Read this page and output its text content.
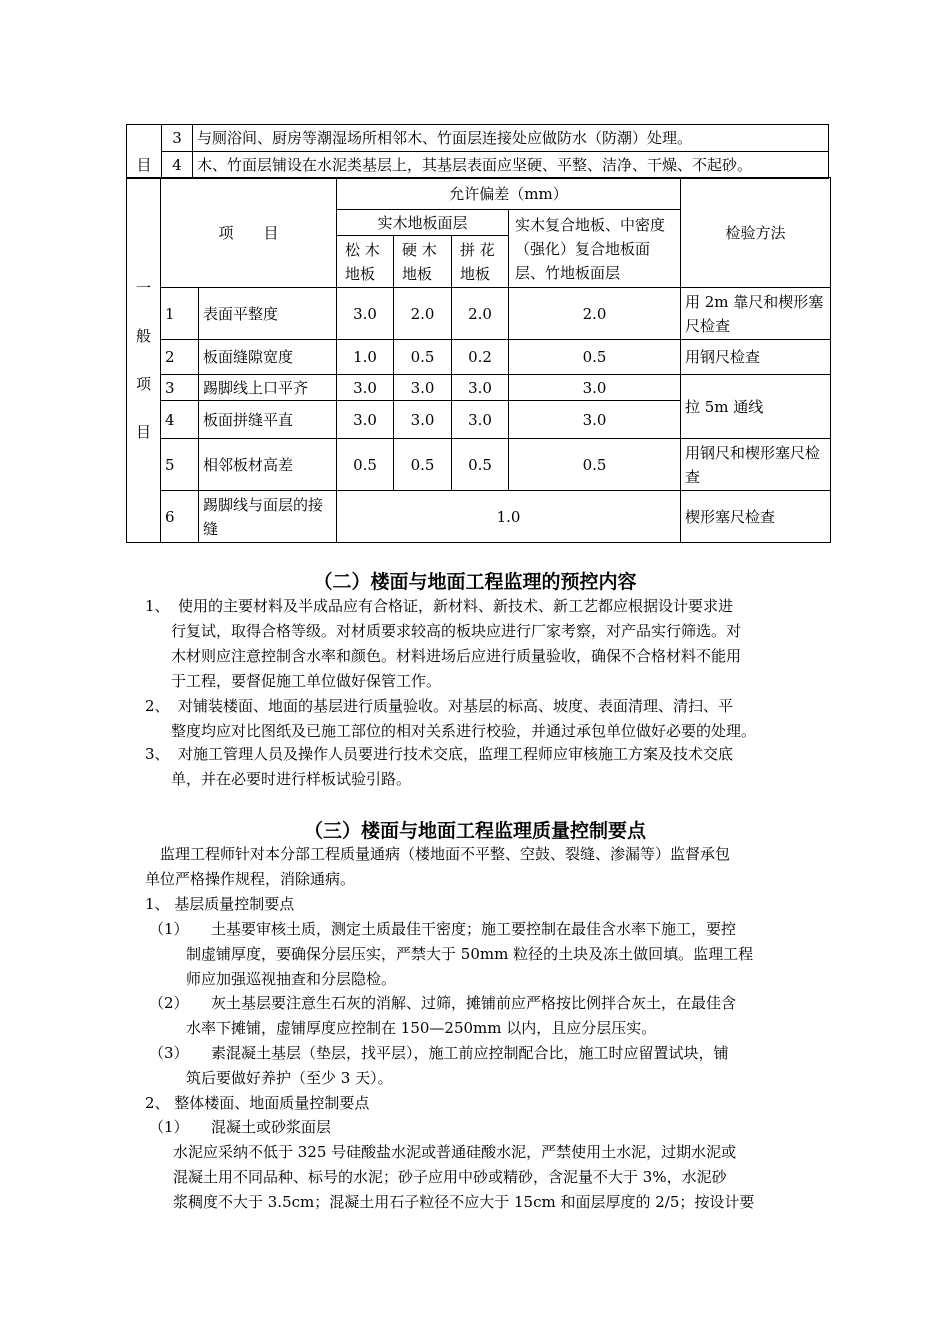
	3	与厕浴间、厨房等潮湿场所相邻木、竹面层连接处应做防水（防潮）处理。
目	4	木、竹面层铺设在水泥类基层上，其基层表面应坚硬、平整、洁净、干燥、不起砂。
一
般
项
目	项　　目		允许偏差（mm）				检验方法
			实木地板面层			实木复合地板、中密度（强化）复合地板面层、竹地板面层	
			松 木 地板	硬 木 地板	拼 花 地板		
	1	表面平整度	3.0	2.0	2.0	2.0	用 2m 靠尺和楔形塞尺检查
	2	板面缝隙宽度	1.0	0.5	0.2	0.5	用钢尺检查
	3	踢脚线上口平齐	3.0	3.0	3.0	3.0	拉 5m 通线
	4	板面拼缝平直	3.0	3.0	3.0	3.0	
	5	相邻板材高差	0.5	0.5	0.5	0.5	用钢尺和楔形塞尺检查
	6	踢脚线与面层的接缝	1.0				楔形塞尺检查
（二）楼面与地面工程监理的预控内容
1、 使用的主要材料及半成品应有合格证，新材料、新技术、新工艺都应根据设计要求进
行复试，取得合格等级。对材质要求较高的板块应进行厂家考察，对产品实行筛选。对
木材则应注意控制含水率和颜色。材料进场后应进行质量验收，确保不合格材料不能用
于工程，要督促施工单位做好保管工作。
2、 对铺装楼面、地面的基层进行质量验收。对基层的标高、坡度、表面清理、清扫、平
整度均应对比图纸及已施工部位的相对关系进行校验，并通过承包单位做好必要的处理。
3、 对施工管理人员及操作人员要进行技术交底，监理工程师应审核施工方案及技术交底
单，并在必要时进行样板试验引路。
（三）楼面与地面工程监理质量控制要点
监理工程师针对本分部工程质量通病（楼地面不平整、空鼓、裂缝、渗漏等）监督承包
单位严格操作规程，消除通病。
1、 基层质量控制要点
（1）	土基要审核土质，测定土质最佳干密度；施工要控制在最佳含水率下施工，要控
制虚铺厚度，要确保分层压实，严禁大于 50mm 粒径的土块及冻土做回填。监理工程
师应加强巡视抽查和分层隐检。
（2）	灰土基层要注意生石灰的消解、过筛，摊铺前应严格按比例拌合灰土，在最佳含
水率下摊铺，虚铺厚度应控制在 150—250mm 以内，且应分层压实。
（3）	素混凝土基层（垫层，找平层），施工前应控制配合比，施工时应留置试块，铺
筑后要做好养护（至少 3 天）。
2、 整体楼面、地面质量控制要点
（1）	混凝土或砂浆面层
水泥应采纳不低于 325 号硅酸盐水泥或普通硅酸水泥，严禁使用土水泥，过期水泥或
混凝土用不同品种、标号的水泥；砂子应用中砂或精砂，含泥量不大于 3%，水泥砂
浆稠度不大于 3.5cm；混凝土用石子粒径不应大于 15cm 和面层厚度的 2/5；按设计要
